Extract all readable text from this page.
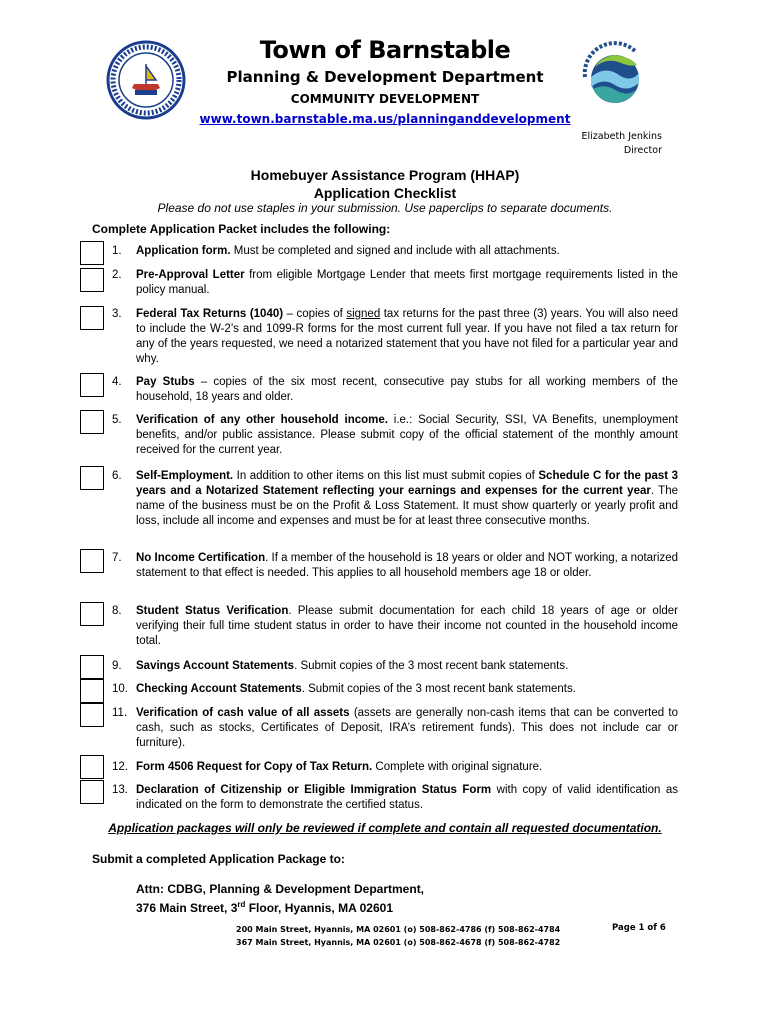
Town of Barnstable
Planning & Development Department
COMMUNITY DEVELOPMENT
www.town.barnstable.ma.us/planninganddevelopment
Elizabeth Jenkins
Director
Homebuyer Assistance Program (HHAP)
Application Checklist
Please do not use staples in your submission. Use paperclips to separate documents.
Complete Application Packet includes the following:
1. Application form. Must be completed and signed and include with all attachments.
2. Pre-Approval Letter from eligible Mortgage Lender that meets first mortgage requirements listed in the policy manual.
3. Federal Tax Returns (1040) – copies of signed tax returns for the past three (3) years. You will also need to include the W-2’s and 1099-R forms for the most current full year. If you have not filed a tax return for any of the years requested, we need a notarized statement that you have not filed for a particular year and why.
4. Pay Stubs – copies of the six most recent, consecutive pay stubs for all working members of the household, 18 years and older.
5. Verification of any other household income. i.e.: Social Security, SSI, VA Benefits, unemployment benefits, and/or public assistance. Please submit copy of the official statement of the monthly amount received for the current year.
6. Self-Employment. In addition to other items on this list must submit copies of Schedule C for the past 3 years and a Notarized Statement reflecting your earnings and expenses for the current year. The name of the business must be on the Profit & Loss Statement. It must show quarterly or yearly profit and loss, include all income and expenses and must be for at least three consecutive months.
7. No Income Certification. If a member of the household is 18 years or older and NOT working, a notarized statement to that effect is needed. This applies to all household members age 18 or older.
8. Student Status Verification. Please submit documentation for each child 18 years of age or older verifying their full time student status in order to have their income not counted in the household income total.
9. Savings Account Statements. Submit copies of the 3 most recent bank statements.
10. Checking Account Statements. Submit copies of the 3 most recent bank statements.
11. Verification of cash value of all assets (assets are generally non-cash items that can be converted to cash, such as stocks, Certificates of Deposit, IRA’s retirement funds). This does not include car or furniture).
12. Form 4506 Request for Copy of Tax Return. Complete with original signature.
13. Declaration of Citizenship or Eligible Immigration Status Form with copy of valid identification as indicated on the form to demonstrate the certified status.
Application packages will only be reviewed if complete and contain all requested documentation.
Submit a completed Application Package to:
Attn: CDBG, Planning & Development Department,
376 Main Street, 3rd Floor, Hyannis, MA 02601
200 Main Street, Hyannis, MA 02601 (o) 508-862-4786 (f) 508-862-4784
367 Main Street, Hyannis, MA 02601 (o) 508-862-4678 (f) 508-862-4782
Page 1 of 6
